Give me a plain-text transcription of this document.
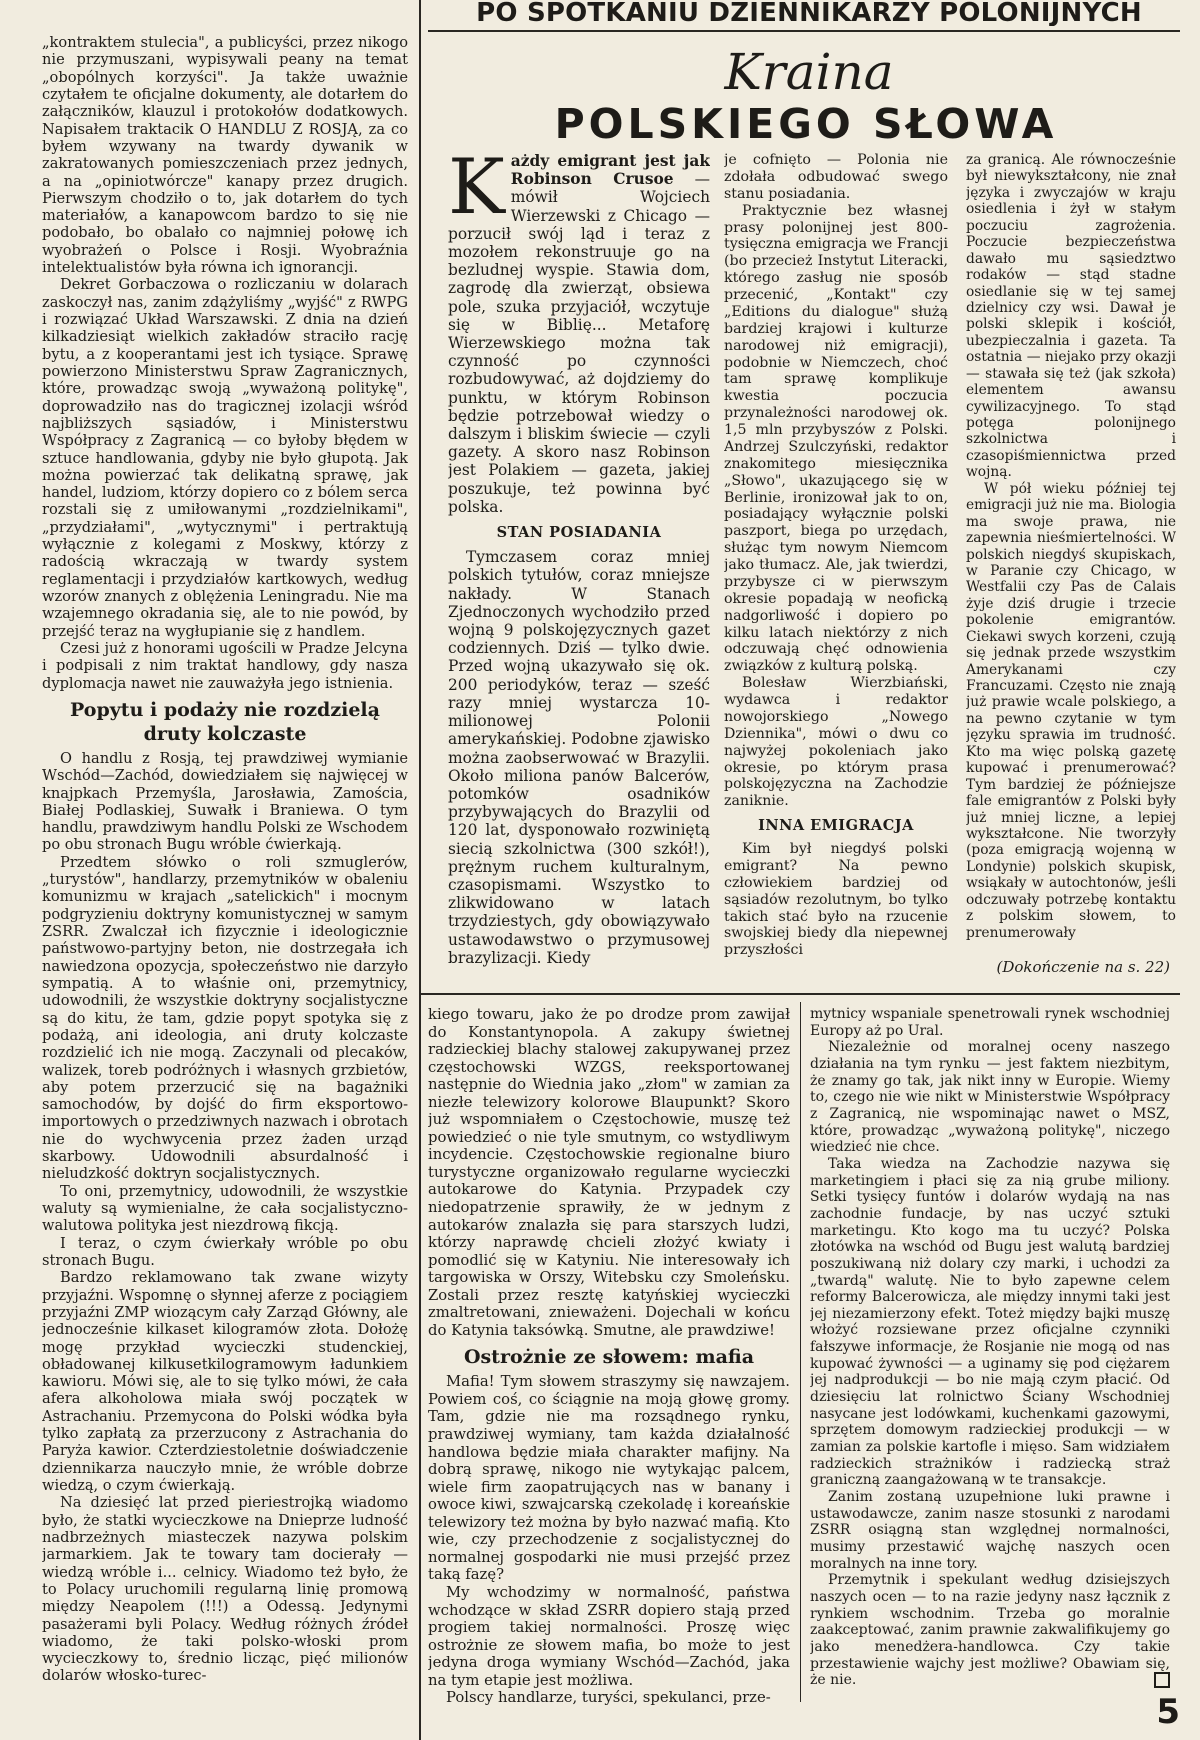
PO SPOTKANIU DZIENNIKARZY POLONIJNYCH
Kraina
POLSKIEGO SŁOWA

„kontraktem stulecia", a publicyści, przez nikogo nie przymuszani, wypisywali peany na temat „obopólnych korzyści". Ja także uważnie czytałem te oficjalne dokumenty, ale dotarłem do załączników, klauzul i protokołów dodatkowych. Napisałem traktacik O HANDLU Z ROSJĄ, za co byłem wzywany na twardy dywanik w zakratowanych pomieszczeniach przez jednych, a na „opiniotwórcze" kanapy przez drugich. Pierwszym chodziło o to, jak dotarłem do tych materiałów, a kanapowcom bardzo to się nie podobało, bo obalało co najmniej połowę ich wyobrażeń o Polsce i Rosji. Wyobraźnia intelektualistów była równa ich ignorancji.

Dekret Gorbaczowa o rozliczaniu w dolarach zaskoczył nas, zanim zdążyliśmy „wyjść" z RWPG i rozwiązać Układ Warszawski. Z dnia na dzień kilkadziesiąt wielkich zakładów straciło rację bytu, a z kooperantami jest ich tysiące. Sprawę powierzono Ministerstwu Spraw Zagranicznych, które, prowadząc swoją „wyważoną politykę", doprowadziło nas do tragicznej izolacji wśród najbliższych sąsiadów, i Ministerstwu Współpracy z Zagranicą — co byłoby błędem w sztuce handlowania, gdyby nie było głupotą. Jak można powierzać tak delikatną sprawę, jak handel, ludziom, którzy dopiero co z bólem serca rozstali się z umiłowanymi „rozdzielnikami", „przydziałami", „wytycznymi" i pertraktują wyłącznie z kolegami z Moskwy, którzy z radością wkraczają w twardy system reglamentacji i przydziałów kartkowych, według wzorów znanych z oblężenia Leningradu. Nie ma wzajemnego okradania się, ale to nie powód, by przejść teraz na wygłupianie się z handlem.

Czesi już z honorami ugościli w Pradze Jelcyna i podpisali z nim traktat handlowy, gdy nasza dyplomacja nawet nie zauważyła jego istnienia.

Popytu i podaży nie rozdzielą druty kolczaste

O handlu z Rosją, tej prawdziwej wymianie Wschód—Zachód, dowiedziałem się najwięcej w knajpkach Przemyśla, Jarosławia, Zamościa, Białej Podlaskiej, Suwałk i Braniewa. O tym handlu, prawdziwym handlu Polski ze Wschodem po obu stronach Bugu wróble ćwierkają.

Przedtem słówko o roli szmuglerów, „turystów", handlarzy, przemytników w obaleniu komunizmu w krajach „satelickich" i mocnym podgryzieniu doktryny komunistycznej w samym ZSRR. Zwalczał ich fizycznie i ideologicznie państwowo-partyjny beton, nie dostrzegała ich nawiedzona opozycja, społeczeństwo nie darzyło sympatią. A to właśnie oni, przemytnicy, udowodnili, że wszystkie doktryny socjalistyczne są do kitu, że tam, gdzie popyt spotyka się z podażą, ani ideologia, ani druty kolczaste rozdzielić ich nie mogą. Zaczynali od plecaków, walizek, toreb podróżnych i własnych grzbietów, aby potem przerzucić się na bagażniki samochodów, by dojść do firm eksportowo-importowych o przedziwnych nazwach i obrotach nie do wychwycenia przez żaden urząd skarbowy. Udowodnili absurdalność i nieludzkość doktryn socjalistycznych.

To oni, przemytnicy, udowodnili, że wszystkie waluty są wymienialne, że cała socjalistyczno-walutowa polityka jest niezdrową fikcją.

I teraz, o czym ćwierkały wróble po obu stronach Bugu.

Bardzo reklamowano tak zwane wizyty przyjaźni. Wspomnę o słynnej aferze z pociągiem przyjaźni ZMP wiozącym cały Zarząd Główny, ale jednocześnie kilkaset kilogramów złota. Dołożę mogę przykład wycieczki studenckiej, obładowanej kilkusetkilogramowym ładunkiem kawioru. Mówi się, ale to się tylko mówi, że cała afera alkoholowa miała swój początek w Astrachaniu. Przemycona do Polski wódka była tylko zapłatą za przerzucony z Astrachania do Paryża kawior. Czterdziestoletnie doświadczenie dziennikarza nauczyło mnie, że wróble dobrze wiedzą, o czym ćwierkają.

Na dziesięć lat przed pieriestrojką wiadomo było, że statki wycieczkowe na Dnieprze ludność nadbrzeżnych miasteczek nazywa polskim jarmarkiem. Jak te towary tam docierały — wiedzą wróble i... celnicy. Wiadomo też było, że to Polacy uruchomili regularną linię promową między Neapolem (!!!) a Odessą. Jedynymi pasażerami byli Polacy. Według różnych źródeł wiadomo, że taki polsko-włoski prom wycieczkowy to, średnio licząc, pięć milionów dolarów włosko-turec-

Każdy emigrant jest jak Robinson Crusoe — mówił Wojciech Wierzewski z Chicago — porzucił swój ląd i teraz z mozołem rekonstruuje go na bezludnej wyspie. Stawia dom, zagrodę dla zwierząt, obsiewa pole, szuka przyjaciół, wczytuje się w Biblię... Metaforę Wierzewskiego można tak czynność po czynności rozbudowywać, aż dojdziemy do punktu, w którym Robinson będzie potrzebował wiedzy o dalszym i bliskim świecie — czyli gazety. A skoro nasz Robinson jest Polakiem — gazeta, jakiej poszukuje, też powinna być polska.

STAN POSIADANIA

Tymczasem coraz mniej polskich tytułów, coraz mniejsze nakłady. W Stanach Zjednoczonych wychodziło przed wojną 9 polskojęzycznych gazet codziennych. Dziś — tylko dwie. Przed wojną ukazywało się ok. 200 periodyków, teraz — sześć razy mniej wystarcza 10-milionowej Polonii amerykańskiej. Podobne zjawisko można zaobserwować w Brazylii. Około miliona panów Balcerów, potomków osadników przybywających do Brazylii od 120 lat, dysponowało rozwiniętą siecią szkolnictwa (300 szkół!), prężnym ruchem kulturalnym, czasopismami. Wszystko to zlikwidowano w latach trzydziestych, gdy obowiązywało ustawodawstwo o przymusowej brazylizacji. Kiedy

je cofnięto — Polonia nie zdołała odbudować swego stanu posiadania.

Praktycznie bez własnej prasy polonijnej jest 800-tysięczna emigracja we Francji (bo przecież Instytut Literacki, którego zasług nie sposób przecenić, „Kontakt" czy „Editions du dialogue" służą bardziej krajowi i kulturze narodowej niż emigracji), podobnie w Niemczech, choć tam sprawę komplikuje kwestia poczucia przynależności narodowej ok. 1,5 mln przybyszów z Polski. Andrzej Szulczyński, redaktor znakomitego miesięcznika „Słowo", ukazującego się w Berlinie, ironizował jak to on, posiadający wyłącznie polski paszport, biega po urzędach, służąc tym nowym Niemcom jako tłumacz. Ale, jak twierdzi, przybysze ci w pierwszym okresie popadają w neoficką nadgorliwość i dopiero po kilku latach niektórzy z nich odczuwają chęć odnowienia związków z kulturą polską.

Bolesław Wierzbiański, wydawca i redaktor nowojorskiego „Nowego Dziennika", mówi o dwu co najwyżej pokoleniach jako okresie, po którym prasa polskojęzyczna na Zachodzie zaniknie.

INNA EMIGRACJA

Kim był niegdyś polski emigrant? Na pewno człowiekiem bardziej od sąsiadów rezolutnym, bo tylko takich stać było na rzucenie swojskiej biedy dla niepewnej przyszłości

za granicą. Ale równocześnie był niewykształcony, nie znał języka i zwyczajów w kraju osiedlenia i żył w stałym poczuciu zagrożenia. Poczucie bezpieczeństwa dawało mu sąsiedztwo rodaków — stąd stadne osiedlanie się w tej samej dzielnicy czy wsi. Dawał je polski sklepik i kościół, ubezpieczalnia i gazeta. Ta ostatnia — niejako przy okazji — stawała się też (jak szkoła) elementem awansu cywilizacyjnego. To stąd potęga polonijnego szkolnictwa i czasopiśmiennictwa przed wojną.

W pół wieku później tej emigracji już nie ma. Biologia ma swoje prawa, nie zapewnia nieśmiertelności. W polskich niegdyś skupiskach, w Paranie czy Chicago, w Westfalii czy Pas de Calais żyje dziś drugie i trzecie pokolenie emigrantów. Ciekawi swych korzeni, czują się jednak przede wszystkim Amerykanami czy Francuzami. Często nie znają już prawie wcale polskiego, a na pewno czytanie w tym języku sprawia im trudność. Kto ma więc polską gazetę kupować i prenumerować? Tym bardziej że późniejsze fale emigrantów z Polski były już mniej liczne, a lepiej wykształcone. Nie tworzyły (poza emigracją wojenną w Londynie) polskich skupisk, wsiąkały w autochtonów, jeśli odczuwały potrzebę kontaktu z polskim słowem, to prenumerowały

(Dokończenie na s. 22)

kiego towaru, jako że po drodze prom zawijał do Konstantynopola. A zakupy świetnej radzieckiej blachy stalowej zakupywanej przez częstochowski WZGS, reeksportowanej następnie do Wiednia jako „złom" w zamian za niezłe telewizory kolorowe Blaupunkt? Skoro już wspomniałem o Częstochowie, muszę też powiedzieć o nie tyle smutnym, co wstydliwym incydencie. Częstochowskie regionalne biuro turystyczne organizowało regularne wycieczki autokarowe do Katynia. Przypadek czy niedopatrzenie sprawiły, że w jednym z autokarów znalazła się para starszych ludzi, którzy naprawdę chcieli złożyć kwiaty i pomodlić się w Katyniu. Nie interesowały ich targowiska w Orszy, Witebsku czy Smoleńsku. Zostali przez resztę katyńskiej wycieczki zmaltretowani, znieważeni. Dojechali w końcu do Katynia taksówką. Smutne, ale prawdziwe!

Ostrożnie ze słowem: mafia

Mafia! Tym słowem straszymy się nawzajem. Powiem coś, co ściągnie na moją głowę gromy. Tam, gdzie nie ma rozsądnego rynku, prawdziwej wymiany, tam każda działalność handlowa będzie miała charakter mafijny. Na dobrą sprawę, nikogo nie wytykając palcem, wiele firm zaopatrujących nas w banany i owoce kiwi, szwajcarską czekoladę i koreańskie telewizory też można by było nazwać mafią. Kto wie, czy przechodzenie z socjalistycznej do normalnej gospodarki nie musi przejść przez taką fazę?

My wchodzimy w normalność, państwa wchodzące w skład ZSRR dopiero stają przed progiem takiej normalności. Proszę więc ostrożnie ze słowem mafia, bo może to jest jedyna droga wymiany Wschód—Zachód, jaka na tym etapie jest możliwa.

Polscy handlarze, turyści, spekulanci, prze-

mytnicy wspaniale spenetrowali rynek wschodniej Europy aż po Ural.

Niezależnie od moralnej oceny naszego działania na tym rynku — jest faktem niezbitym, że znamy go tak, jak nikt inny w Europie. Wiemy to, czego nie wie nikt w Ministerstwie Współpracy z Zagranicą, nie wspominając nawet o MSZ, które, prowadząc „wyważoną politykę", niczego wiedzieć nie chce.

Taka wiedza na Zachodzie nazywa się marketingiem i płaci się za nią grube miliony. Setki tysięcy funtów i dolarów wydają na nas zachodnie fundacje, by nas uczyć sztuki marketingu. Kto kogo ma tu uczyć? Polska złotówka na wschód od Bugu jest walutą bardziej poszukiwaną niż dolary czy marki, i uchodzi za „twardą" walutę. Nie to było zapewne celem reformy Balcerowicza, ale między innymi taki jest jej niezamierzony efekt. Toteż między bajki muszę włożyć rozsiewane przez oficjalne czynniki fałszywe informacje, że Rosjanie nie mogą od nas kupować żywności — a uginamy się pod ciężarem jej nadprodukcji — bo nie mają czym płacić. Od dziesięciu lat rolnictwo Ściany Wschodniej nasycane jest lodówkami, kuchenkami gazowymi, sprzętem domowym radzieckiej produkcji — w zamian za polskie kartofle i mięso. Sam widziałem radzieckich strażników i radziecką straż graniczną zaangażowaną w te transakcje.

Zanim zostaną uzupełnione luki prawne i ustawodawcze, zanim nasze stosunki z narodami ZSRR osiągną stan względnej normalności, musimy przestawić wajchę naszych ocen moralnych na inne tory.

Przemytnik i spekulant według dzisiejszych naszych ocen — to na razie jedyny nasz łącznik z rynkiem wschodnim. Trzeba go moralnie zaakceptować, zanim prawnie zakwalifikujemy go jako menedżera-handlowca. Czy takie przestawienie wajchy jest możliwe? Obawiam się, że nie.

5
